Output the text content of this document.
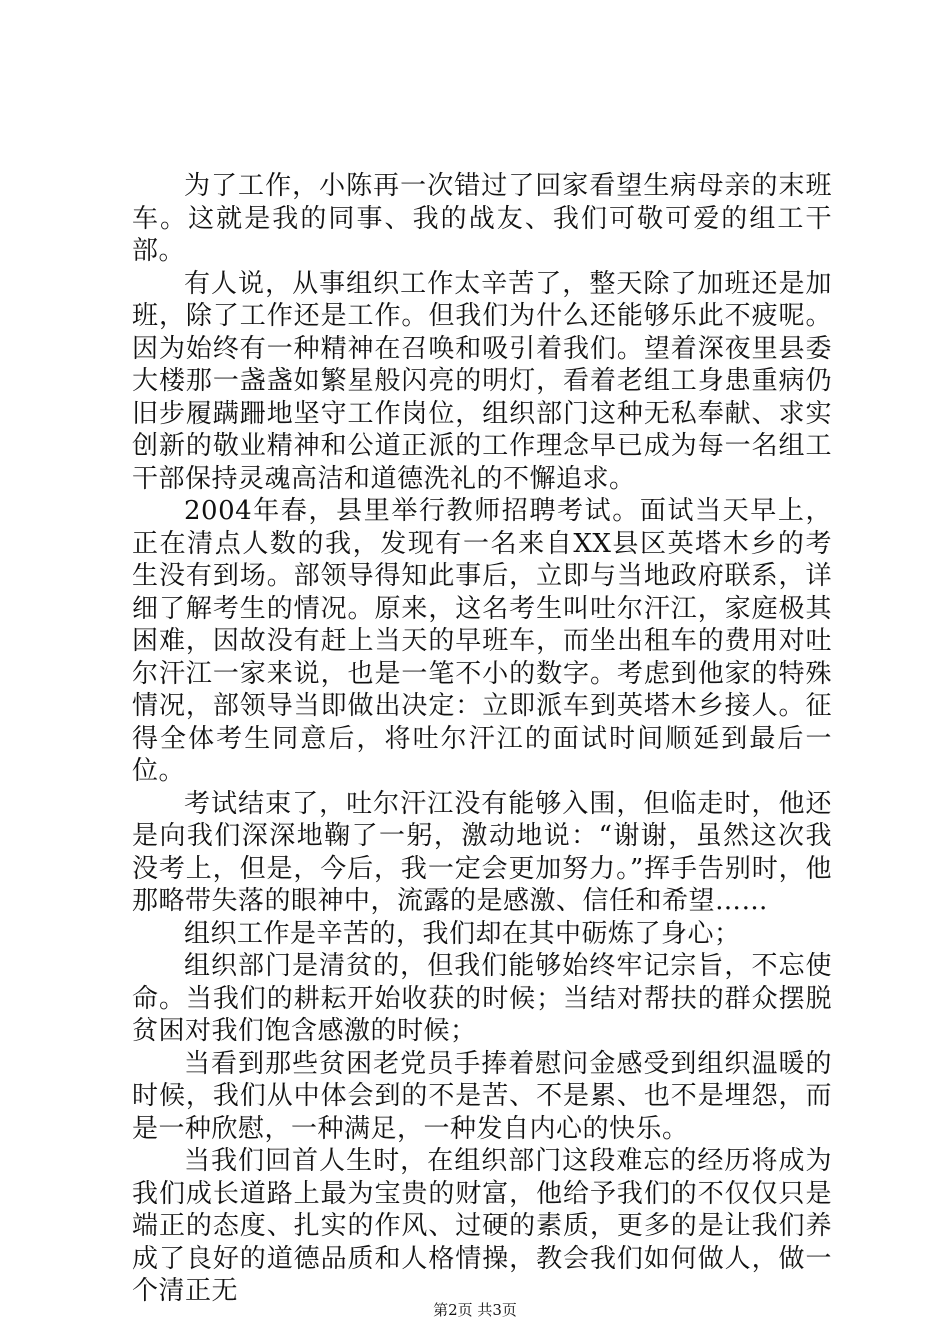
为了工作，小陈再一次错过了回家看望生病母亲的末班车。这就是我的同事、我的战友、我们可敬可爱的组工干部。

有人说，从事组织工作太辛苦了，整天除了加班还是加班，除了工作还是工作。但我们为什么还能够乐此不疲呢。因为始终有一种精神在召唤和吸引着我们。望着深夜里县委大楼那一盏盏如繁星般闪亮的明灯，看着老组工身患重病仍旧步履蹒跚地坚守工作岗位，组织部门这种无私奉献、求实创新的敬业精神和公道正派的工作理念早已成为每一名组工干部保持灵魂高洁和道德洗礼的不懈追求。

2004年春，县里举行教师招聘考试。面试当天早上，正在清点人数的我，发现有一名来自XX县区英塔木乡的考生没有到场。部领导得知此事后，立即与当地政府联系，详细了解考生的情况。原来，这名考生叫吐尔汗江，家庭极其困难，因故没有赶上当天的早班车，而坐出租车的费用对吐尔汗江一家来说，也是一笔不小的数字。考虑到他家的特殊情况，部领导当即做出决定：立即派车到英塔木乡接人。征得全体考生同意后，将吐尔汗江的面试时间顺延到最后一位。

考试结束了，吐尔汗江没有能够入围，但临走时，他还是向我们深深地鞠了一躬，激动地说：“谢谢，虽然这次我没考上，但是，今后，我一定会更加努力。”挥手告别时，他那略带失落的眼神中，流露的是感激、信任和希望……

组织工作是辛苦的，我们却在其中砺炼了身心；

组织部门是清贫的，但我们能够始终牢记宗旨，不忘使命。当我们的耕耘开始收获的时候；当结对帮扶的群众摆脱贫困对我们饱含感激的时候；

当看到那些贫困老党员手捧着慰问金感受到组织温暖的时候，我们从中体会到的不是苦、不是累、也不是埋怨，而是一种欣慰，一种满足，一种发自内心的快乐。

当我们回首人生时，在组织部门这段难忘的经历将成为我们成长道路上最为宝贵的财富，他给予我们的不仅仅只是端正的态度、扎实的作风、过硬的素质，更多的是让我们养成了良好的道德品质和人格情操，教会我们如何做人，做一个清正无

第2页 共3页
